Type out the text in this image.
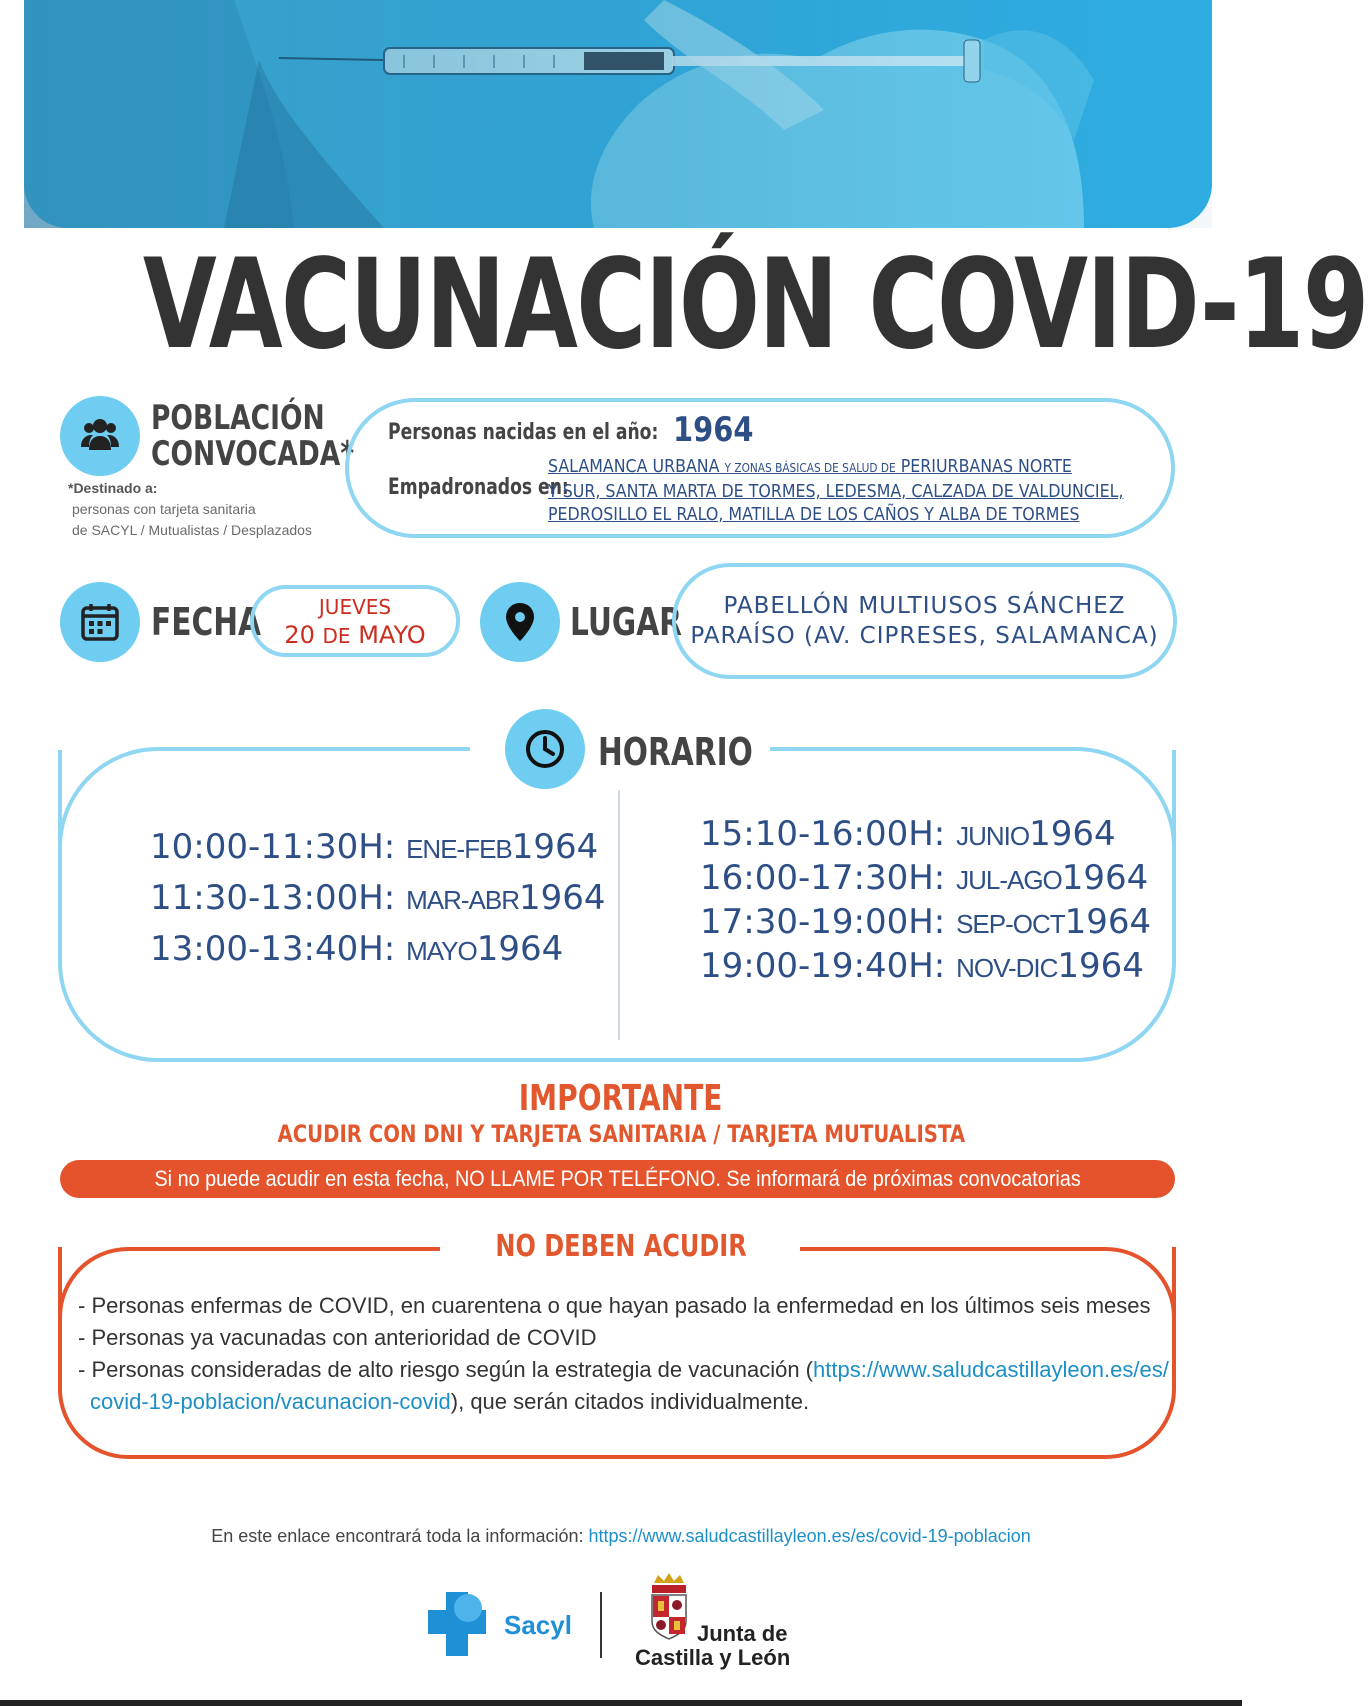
VACUNACIÓN COVID-19
POBLACIÓN
CONVOCADA*
*Destinado a:
personas con tarjeta sanitaria
de SACYL / Mutualistas / Desplazados
Personas nacidas en el año: 1964
Empadronados en:
SALAMANCA URBANA Y ZONAS BÁSICAS DE SALUD DE PERIURBANAS NORTE
Y SUR, SANTA MARTA DE TORMES, LEDESMA, CALZADA DE VALDUNCIEL,
PEDROSILLO EL RALO, MATILLA DE LOS CAÑOS Y ALBA DE TORMES
FECHA	JUEVES
20 DE MAYO	LUGAR	PABELLÓN MULTIUSOS SÁNCHEZ
PARAÍSO (AV. CIPRESES, SALAMANCA)
HORARIO
10:00-11:30H: ENE-FEB1964
11:30-13:00H: MAR-ABR1964
13:00-13:40H: MAYO1964
15:10-16:00H: JUNIO1964
16:00-17:30H: JUL-AGO1964
17:30-19:00H: SEP-OCT1964
19:00-19:40H: NOV-DIC1964
IMPORTANTE
ACUDIR CON DNI Y TARJETA SANITARIA / TARJETA MUTUALISTA
Si no puede acudir en esta fecha, NO LLAME POR TELÉFONO. Se informará de próximas convocatorias
NO DEBEN ACUDIR
- Personas enfermas de COVID, en cuarentena o que hayan pasado la enfermedad en los últimos seis meses
- Personas ya vacunadas con anterioridad de COVID
- Personas consideradas de alto riesgo según la estrategia de vacunación (https://www.saludcastillayleon.es/es/
covid-19-poblacion/vacunacion-covid), que serán citados individualmente.
En este enlace encontrará toda la información: https://www.saludcastillayleon.es/es/covid-19-poblacion
Sacyl	Junta de
Castilla y León
